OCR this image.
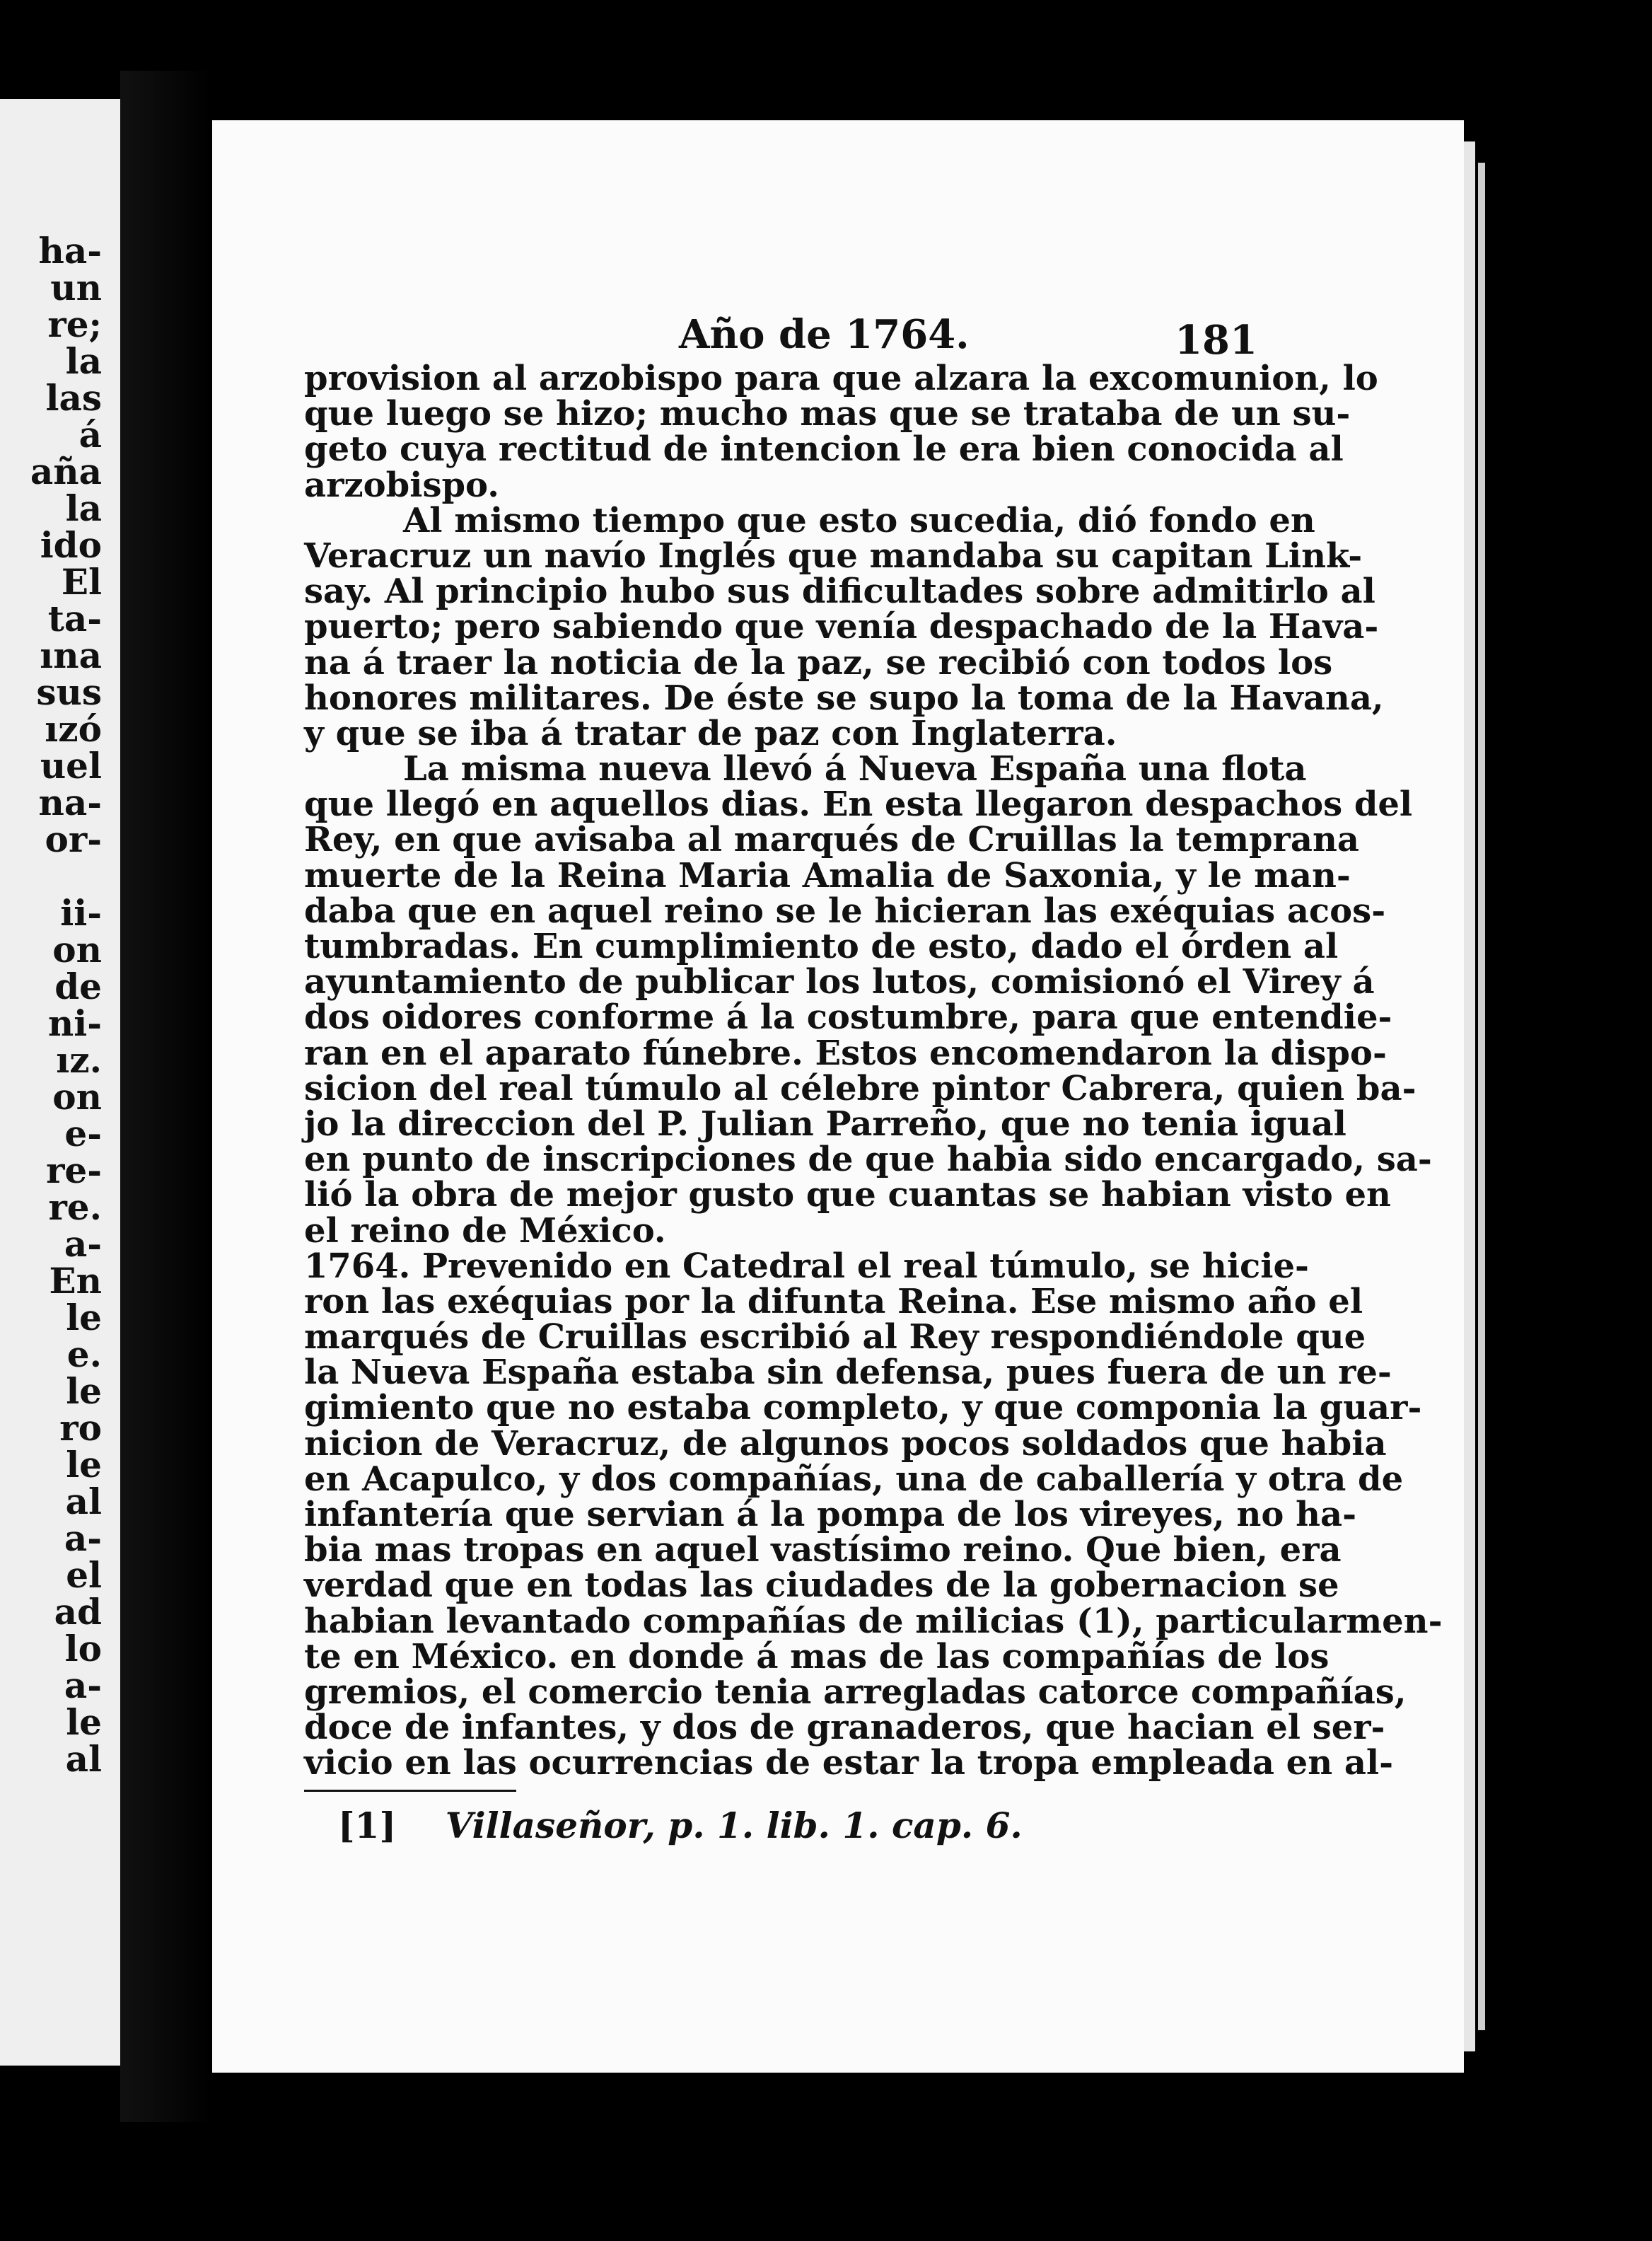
ha-
un
re;
la
las
á
aña
la
ido
El
ta-
ına
sus
ızó
uel
na-
or-
ii-
on
de
ni-
ız.
on
e-
re-
re.
a-
En
le
e.
le
ro
le
al
a-
el
ad
lo
a-
le
al
Año de 1764.	181
provision al arzobispo para que alzara la excomunion, lo
que luego se hizo; mucho mas que se trataba de un su-
geto cuya rectitud de intencion le era bien conocida al
arzobispo.
Al mismo tiempo que esto sucedia, dió fondo en
Veracruz un navío Inglés que mandaba su capitan Link-
say. Al principio hubo sus dificultades sobre admitirlo al
puerto; pero sabiendo que venía despachado de la Hava-
na á traer la noticia de la paz, se recibió con todos los
honores militares. De éste se supo la toma de la Havana,
y que se iba á tratar de paz con Inglaterra.
La misma nueva llevó á Nueva España una flota
que llegó en aquellos dias. En esta llegaron despachos del
Rey, en que avisaba al marqués de Cruillas la temprana
muerte de la Reina Maria Amalia de Saxonia, y le man-
daba que en aquel reino se le hicieran las exéquias acos-
tumbradas. En cumplimiento de esto, dado el órden al
ayuntamiento de publicar los lutos, comisionó el Virey á
dos oidores conforme á la costumbre, para que entendie-
ran en el aparato fúnebre. Estos encomendaron la dispo-
sicion del real túmulo al célebre pintor Cabrera, quien ba-
jo la direccion del P. Julian Parreño, que no tenia igual
en punto de inscripciones de que habia sido encargado, sa-
lió la obra de mejor gusto que cuantas se habian visto en
el reino de México.
1764. Prevenido en Catedral el real túmulo, se hicie-
ron las exéquias por la difunta Reina. Ese mismo año el
marqués de Cruillas escribió al Rey respondiéndole que
la Nueva España estaba sin defensa, pues fuera de un re-
gimiento que no estaba completo, y que componia la guar-
nicion de Veracruz, de algunos pocos soldados que habia
en Acapulco, y dos compañías, una de caballería y otra de
infantería que servian á la pompa de los vireyes, no ha-
bia mas tropas en aquel vastísimo reino. Que bien, era
verdad que en todas las ciudades de la gobernacion se
habian levantado compañías de milicias (1), particularmen-
te en México. en donde á mas de las compañías de los
gremios, el comercio tenia arregladas catorce compañías,
doce de infantes, y dos de granaderos, que hacian el ser-
vicio en las ocurrencias de estar la tropa empleada en al-
[1] Villaseñor, p. 1. lib. 1. cap. 6.
